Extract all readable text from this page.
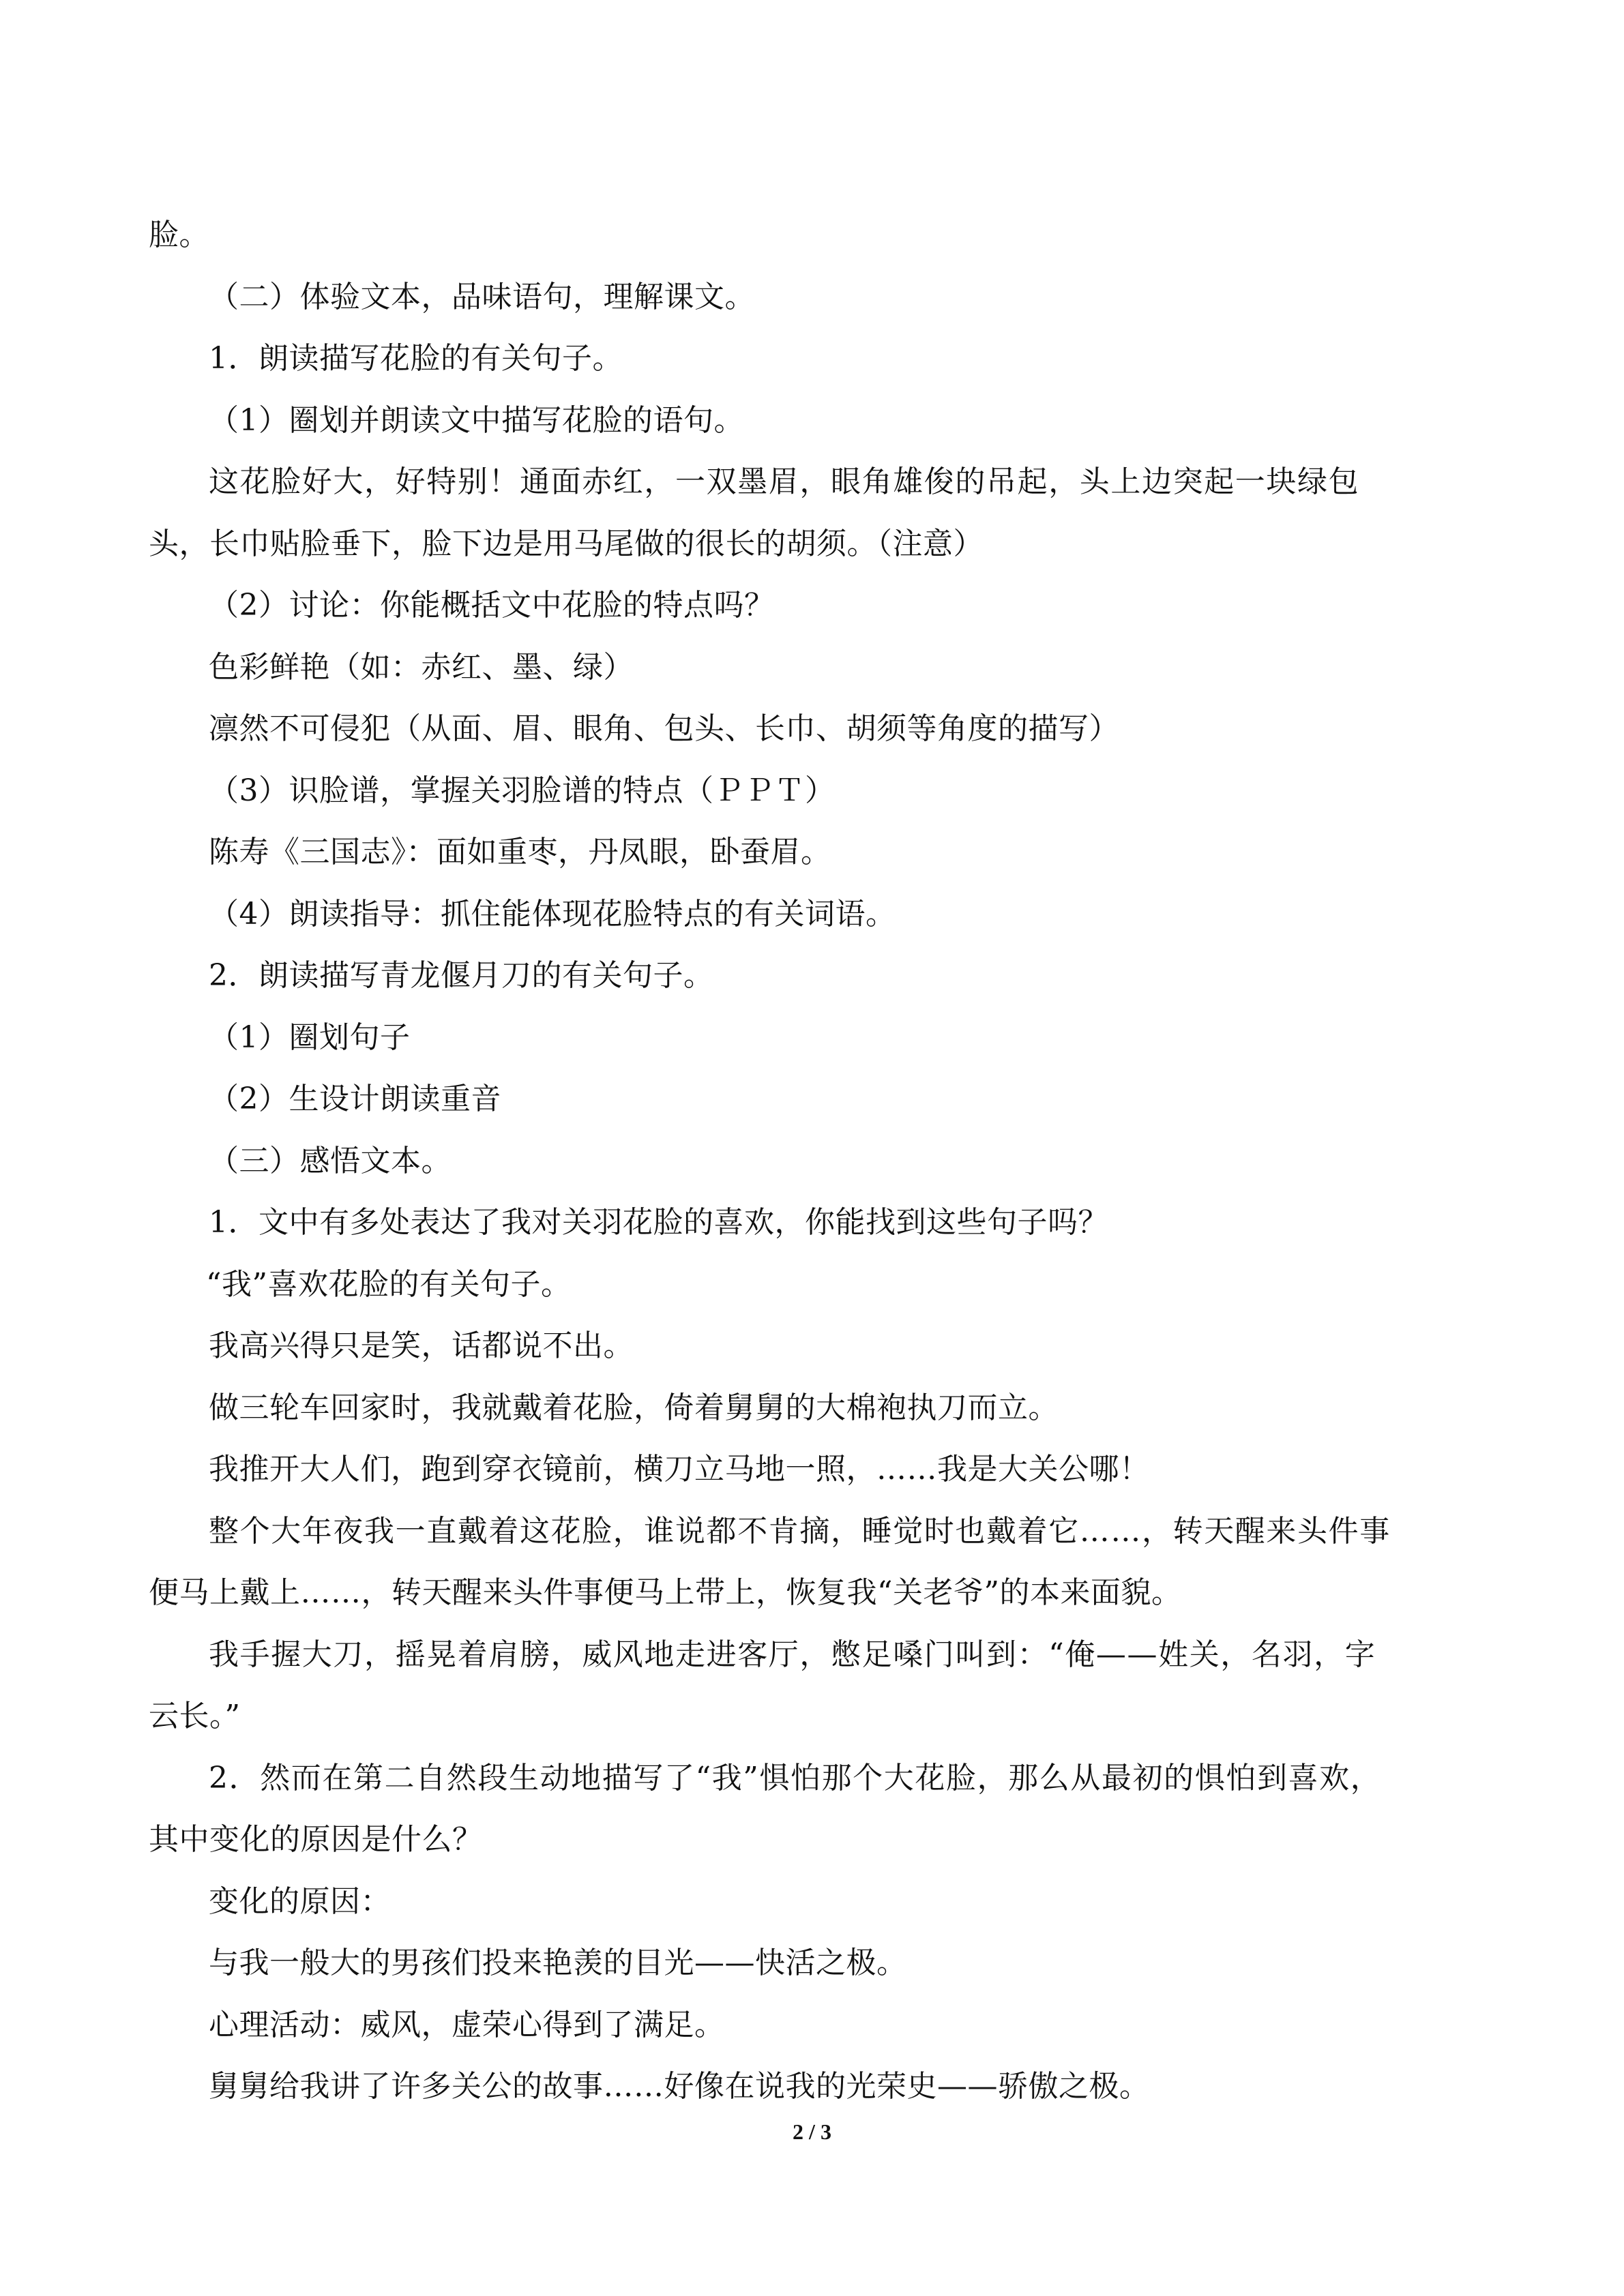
脸。
（二）体验文本，品味语句，理解课文。
1．朗读描写花脸的有关句子。
（1）圈划并朗读文中描写花脸的语句。
这花脸好大，好特别！通面赤红，一双墨眉，眼角雄俊的吊起，头上边突起一块绿包
头，长巾贴脸垂下，脸下边是用马尾做的很长的胡须。（注意）
（2）讨论：你能概括文中花脸的特点吗？
色彩鲜艳（如：赤红、墨、绿）
凛然不可侵犯（从面、眉、眼角、包头、长巾、胡须等角度的描写）
（3）识脸谱，掌握关羽脸谱的特点（ＰＰＴ）
陈寿《三国志》：面如重枣，丹凤眼，卧蚕眉。
（4）朗读指导：抓住能体现花脸特点的有关词语。
2．朗读描写青龙偃月刀的有关句子。
（1）圈划句子
（2）生设计朗读重音
（三）感悟文本。
1．文中有多处表达了我对关羽花脸的喜欢，你能找到这些句子吗？
“我”喜欢花脸的有关句子。
我高兴得只是笑，话都说不出。
做三轮车回家时，我就戴着花脸，倚着舅舅的大棉袍执刀而立。
我推开大人们，跑到穿衣镜前，横刀立马地一照，……我是大关公哪！
整个大年夜我一直戴着这花脸，谁说都不肯摘，睡觉时也戴着它……，转天醒来头件事
便马上戴上……，转天醒来头件事便马上带上，恢复我“关老爷”的本来面貌。
我手握大刀，摇晃着肩膀，威风地走进客厅，憋足嗓门叫到：“俺——姓关，名羽，字
云长。”
2．然而在第二自然段生动地描写了“我”惧怕那个大花脸，那么从最初的惧怕到喜欢，
其中变化的原因是什么？
变化的原因：
与我一般大的男孩们投来艳羡的目光——快活之极。
心理活动：威风，虚荣心得到了满足。
舅舅给我讲了许多关公的故事……好像在说我的光荣史——骄傲之极。
2 / 3
